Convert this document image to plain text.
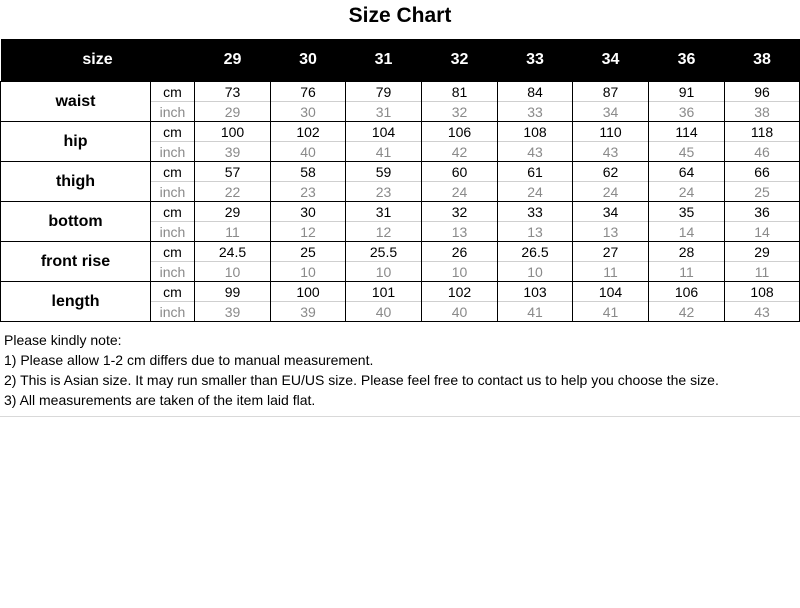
Size Chart
size		29	30	31	32	33	34	36	38
waist	cm	73	76	79	81	84	87	91	96
	inch	29	30	31	32	33	34	36	38
hip	cm	100	102	104	106	108	110	114	118
	inch	39	40	41	42	43	43	45	46
thigh	cm	57	58	59	60	61	62	64	66
	inch	22	23	23	24	24	24	24	25
bottom	cm	29	30	31	32	33	34	35	36
	inch	11	12	12	13	13	13	14	14
front rise	cm	24.5	25	25.5	26	26.5	27	28	29
	inch	10	10	10	10	10	11	11	11
length	cm	99	100	101	102	103	104	106	108
	inch	39	39	40	40	41	41	42	43
Please kindly note:
1) Please allow 1-2 cm differs due to manual measurement.
2) This is Asian size. It may run smaller than EU/US size. Please feel free to contact us to help you choose the size.
3) All measurements are taken of the item laid flat.
